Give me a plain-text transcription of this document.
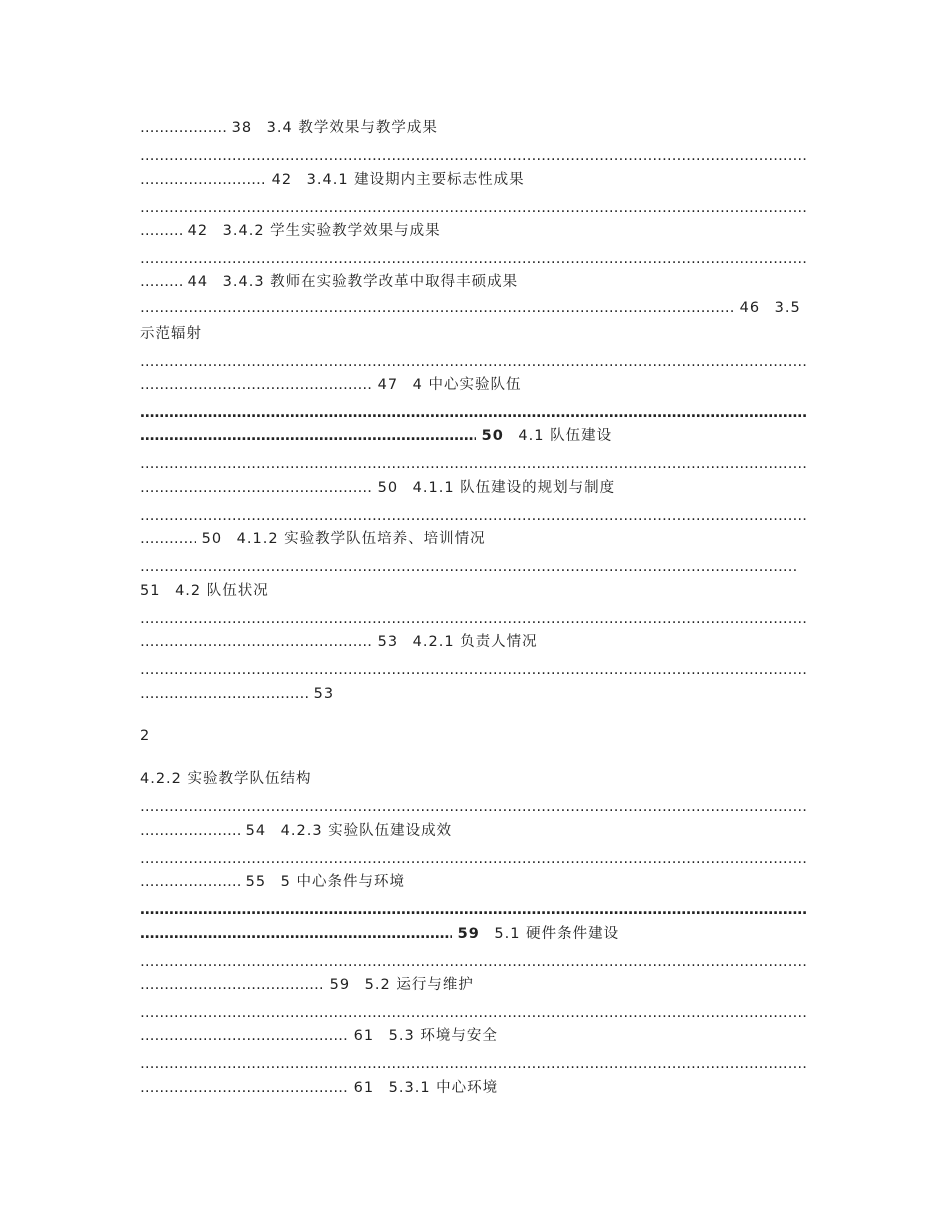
……………………………………………………………………………………………………………………………………………………………………………………………………………… 38 3.4 教学效果与教学成果
………………………………………………………………………………………………………………………………………………………………………………………………………………………………………
……………………………………………………………………………………………………………………………………………………………………………………………………………… 42 3.4.1 建设期内主要标志性成果
………………………………………………………………………………………………………………………………………………………………………………………………………………………………………
……………………………………………………………………………………………………………………………………………………………………………………………………………… 42 3.4.2 学生实验教学效果与成果
………………………………………………………………………………………………………………………………………………………………………………………………………………………………………
……………………………………………………………………………………………………………………………………………………………………………………………………………… 44 3.4.3 教师在实验教学改革中取得丰硕成果
……………………………………………………………………………………………………………………………………………………………………………………………………………… 46 3.5
示范辐射
………………………………………………………………………………………………………………………………………………………………………………………………………………………………………
……………………………………………………………………………………………………………………………………………………………………………………………………………… 47 4 中心实验队伍
………………………………………………………………………………………………………………………………………………………………………………………………………………………………………
……………………………………………………………………………………………………………………………………………………………………………………………………………… 50 4.1 队伍建设
………………………………………………………………………………………………………………………………………………………………………………………………………………………………………
……………………………………………………………………………………………………………………………………………………………………………………………………………… 50 4.1.1 队伍建设的规划与制度
………………………………………………………………………………………………………………………………………………………………………………………………………………………………………
……………………………………………………………………………………………………………………………………………………………………………………………………………… 50 4.1.2 实验教学队伍培养、培训情况
………………………………………………………………………………………………………………………………………………………………………………………………………………………………………
51 4.2 队伍状况
………………………………………………………………………………………………………………………………………………………………………………………………………………………………………
……………………………………………………………………………………………………………………………………………………………………………………………………………… 53 4.2.1 负责人情况
………………………………………………………………………………………………………………………………………………………………………………………………………………………………………
……………………………………………………………………………………………………………………………………………………………………………………………………………… 53
2
4.2.2 实验教学队伍结构
………………………………………………………………………………………………………………………………………………………………………………………………………………………………………
……………………………………………………………………………………………………………………………………………………………………………………………………………… 54 4.2.3 实验队伍建设成效
………………………………………………………………………………………………………………………………………………………………………………………………………………………………………
……………………………………………………………………………………………………………………………………………………………………………………………………………… 55 5 中心条件与环境
………………………………………………………………………………………………………………………………………………………………………………………………………………………………………
……………………………………………………………………………………………………………………………………………………………………………………………………………… 59 5.1 硬件条件建设
………………………………………………………………………………………………………………………………………………………………………………………………………………………………………
……………………………………………………………………………………………………………………………………………………………………………………………………………… 59 5.2 运行与维护
………………………………………………………………………………………………………………………………………………………………………………………………………………………………………
……………………………………………………………………………………………………………………………………………………………………………………………………………… 61 5.3 环境与安全
………………………………………………………………………………………………………………………………………………………………………………………………………………………………………
……………………………………………………………………………………………………………………………………………………………………………………………………………… 61 5.3.1 中心环境
